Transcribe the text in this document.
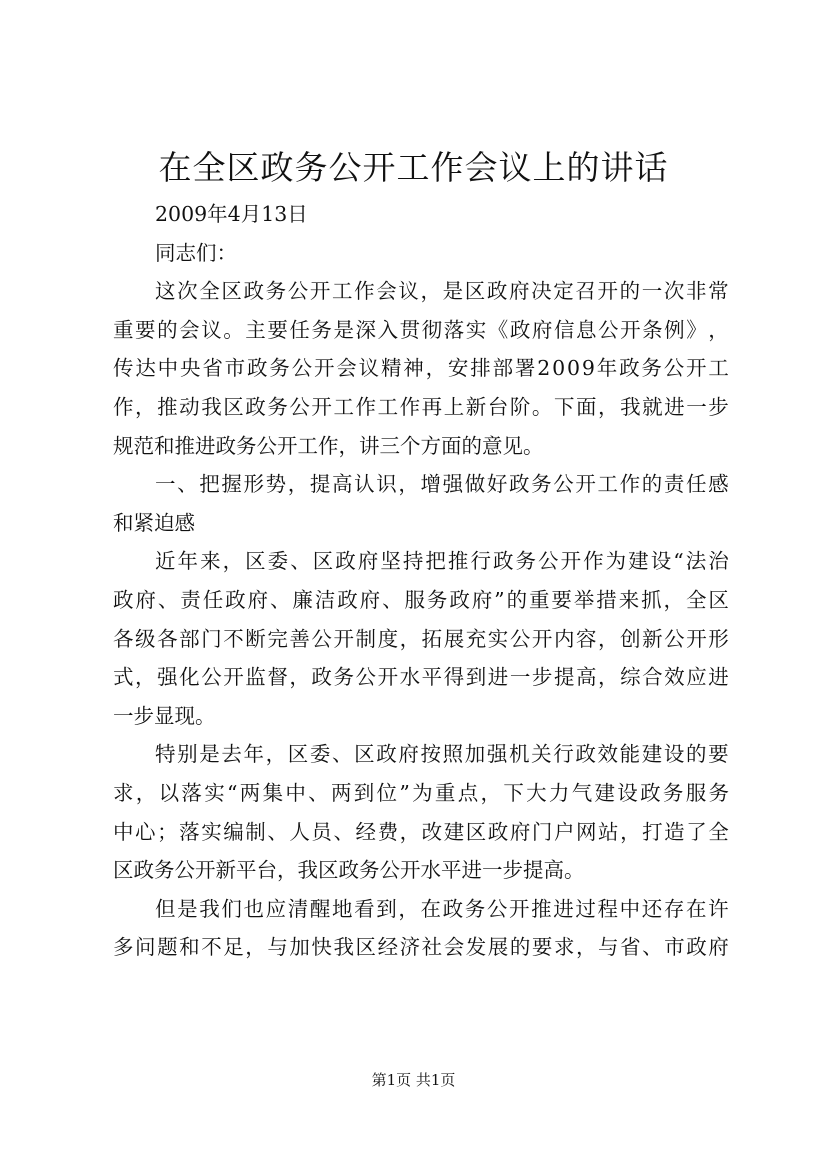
在全区政务公开工作会议上的讲话
2009年4月13日
同志们：
这 次 全 区 政 务 公 开 工 作 会 议 ， 是 区 政 府 决 定 召 开 的 一 次 非 常
重 要 的 会 议 。 主 要 任 务 是 深 入 贯 彻 落 实 《 政 府 信 息 公 开 条 例 》 ，
传 达 中 央 省 市 政 务 公 开 会 议 精 神 ， 安 排 部 署 2 0 0 9 年 政 务 公 开 工
作 ， 推 动 我 区 政 务 公 开 工 作 工 作 再 上 新 台 阶 。 下 面 ， 我 就 进 一 步
规范和推进政务公开工作，讲三个方面的意见。
一 、 把 握 形 势 ， 提 高 认 识 ， 增 强 做 好 政 务 公 开 工 作 的 责 任 感
和紧迫感
近 年 来 ， 区 委 、 区 政 府 坚 持 把 推 行 政 务 公 开 作 为 建 设 “ 法 治
政 府 、 责 任 政 府 、 廉 洁 政 府 、 服 务 政 府 ” 的 重 要 举 措 来 抓 ， 全 区
各 级 各 部 门 不 断 完 善 公 开 制 度 ， 拓 展 充 实 公 开 内 容 ， 创 新 公 开 形
式 ， 强 化 公 开 监 督 ， 政 务 公 开 水 平 得 到 进 一 步 提 高 ， 综 合 效 应 进
一步显现。
特 别 是 去 年 ， 区 委 、 区 政 府 按 照 加 强 机 关 行 政 效 能 建 设 的 要
求 ， 以 落 实 “ 两 集 中 、 两 到 位 ” 为 重 点 ， 下 大 力 气 建 设 政 务 服 务
中 心 ； 落 实 编 制 、 人 员 、 经 费 ， 改 建 区 政 府 门 户 网 站 ， 打 造 了 全
区政务公开新平台，我区政务公开水平进一步提高。
但 是 我 们 也 应 清 醒 地 看 到 ， 在 政 务 公 开 推 进 过 程 中 还 存 在 许
多 问 题 和 不 足 ， 与 加 快 我 区 经 济 社 会 发 展 的 要 求 ， 与 省 、 市 政 府
第1页 共1页
